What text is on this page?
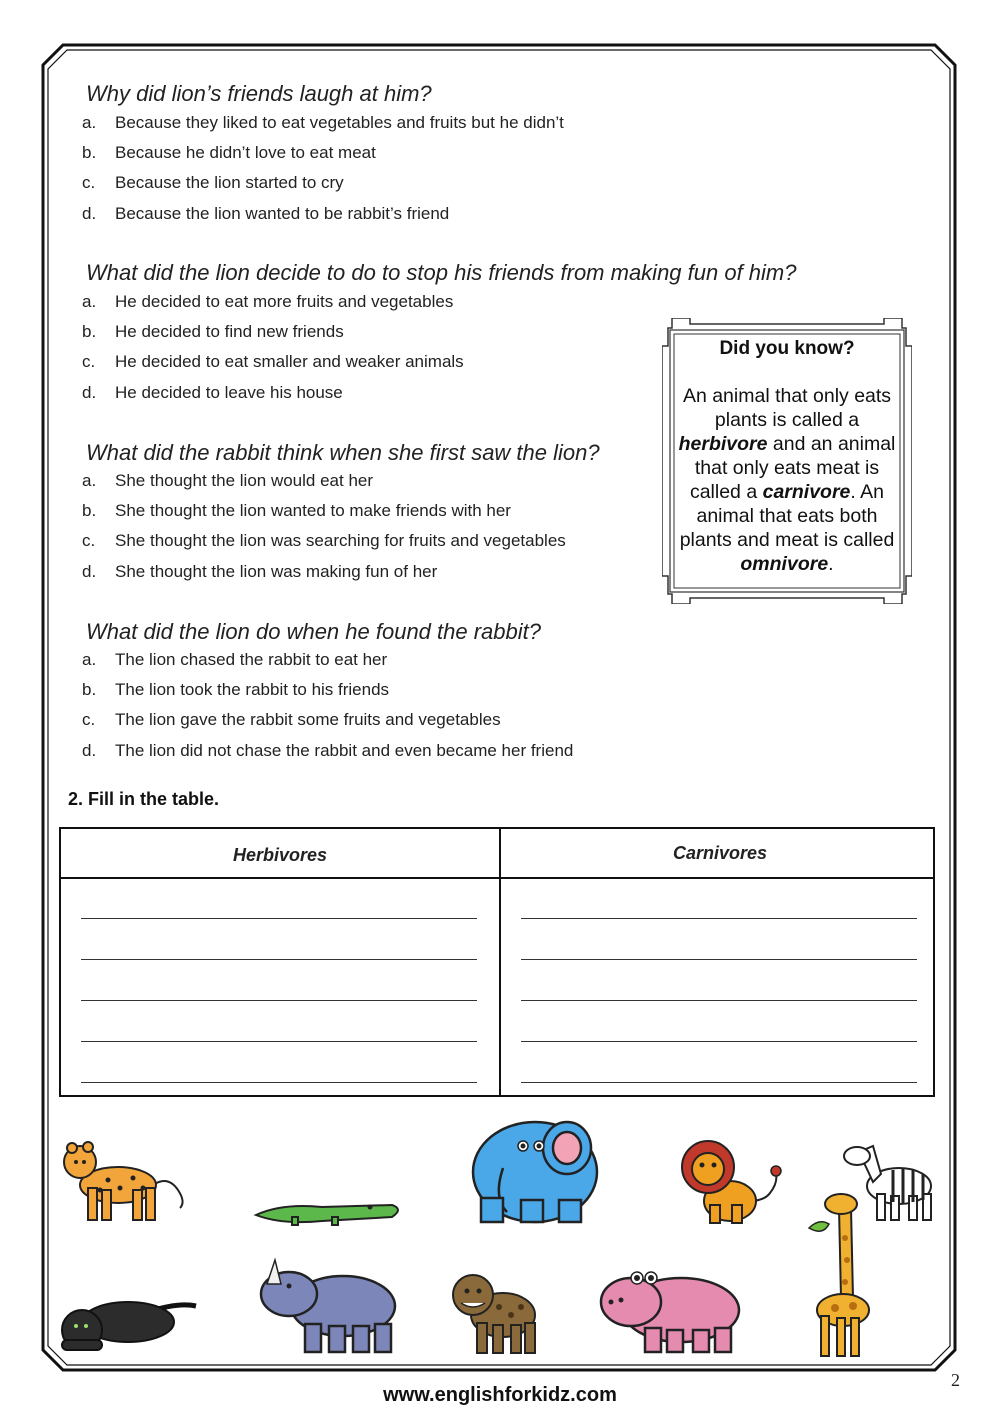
Why did lion’s friends laugh at him?
a. Because they liked to eat vegetables and fruits but he didn’t
b. Because he didn’t love to eat meat
c. Because the lion started to cry
d. Because the lion wanted to be rabbit’s friend
What did the lion decide to do to stop his friends from making fun of him?
a. He decided to eat more fruits and vegetables
b. He decided to find new friends
c. He decided to eat smaller and weaker animals
d. He decided to leave his house
What did the rabbit think when she first saw the lion?
a. She thought the lion would eat her
b. She thought the lion wanted to make friends with her
c. She thought the lion was searching for fruits and vegetables
d. She thought the lion was making fun of her
What did the lion do when he found the rabbit?
a. The lion chased the rabbit to eat her
b. The lion took the rabbit to his friends
c. The lion gave the rabbit some fruits and vegetables
d. The lion did not chase the rabbit and even became her friend
Did you know?
An animal that only eats plants is called a herbivore and an animal that only eats meat is called a carnivore. An animal that eats both plants and meat is called omnivore.
2. Fill in the table.
Herbivores	Carnivores
2
www.englishforkidz.com
